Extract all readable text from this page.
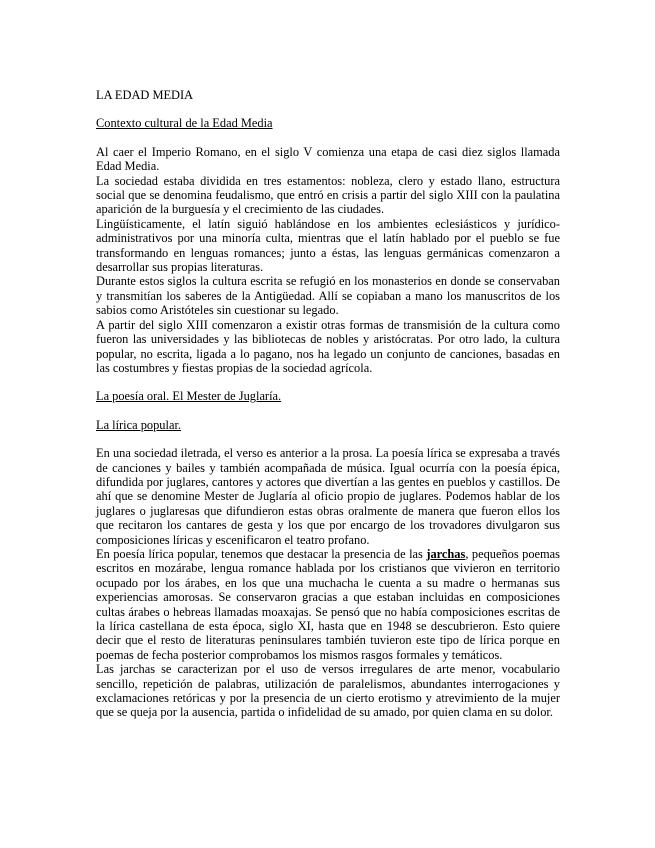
LA EDAD MEDIA
Contexto cultural de la Edad Media

Al caer el Imperio Romano, en el siglo V comienza una etapa de casi diez siglos llamada Edad Media.

La sociedad estaba dividida en tres estamentos: nobleza, clero y estado llano, estructura social que se denomina feudalismo, que entró en crisis a partir del siglo XIII con la paulatina aparición de la burguesía y el crecimiento de las ciudades.

Lingüísticamente, el latín siguió hablándose en los ambientes eclesiásticos y jurídico-administrativos por una minoría culta, mientras que el latín hablado por el pueblo se fue transformando en lenguas romances; junto a éstas, las lenguas germánicas comenzaron a desarrollar sus propias literaturas.

Durante estos siglos la cultura escrita se refugió en los monasterios en donde se conservaban y transmitían los saberes de la Antigüedad. Allí se copiaban a mano los manuscritos de los sabios como Aristóteles sin cuestionar su legado.

A partir del siglo XIII comenzaron a existir otras formas de transmisión de la cultura como fueron las universidades y las bibliotecas de nobles y aristócratas. Por otro lado, la cultura popular, no escrita, ligada a lo pagano, nos ha legado un conjunto de canciones, basadas en las costumbres y fiestas propias de la sociedad agrícola.

La poesía oral. El Mester de Juglaría.
La lírica popular.

En una sociedad iletrada, el verso es anterior a la prosa. La poesía lírica se expresaba a través de canciones y bailes y también acompañada de música. Igual ocurría con la poesía épica, difundida por juglares, cantores y actores que divertían a las gentes en pueblos y castillos. De ahí que se denomine Mester de Juglaría al oficio propio de juglares. Podemos hablar de los juglares o juglaresas que difundieron estas obras oralmente de manera que fueron ellos los que recitaron los cantares de gesta y los que por encargo de los trovadores divulgaron sus composiciones líricas y escenificaron el teatro profano.

En poesía lírica popular, tenemos que destacar la presencia de las jarchas, pequeños poemas escritos en mozárabe, lengua romance hablada por los cristianos que vivieron en territorio ocupado por los árabes, en los que una muchacha le cuenta a su madre o hermanas sus experiencias amorosas. Se conservaron gracias a que estaban incluidas en composiciones cultas árabes o hebreas llamadas moaxajas. Se pensó que no había composiciones escritas de la lírica castellana de esta época, siglo XI, hasta que en 1948 se descubrieron. Esto quiere decir que el resto de literaturas peninsulares también tuvieron este tipo de lírica porque en poemas de fecha posterior comprobamos los mismos rasgos formales y temáticos.

Las jarchas se caracterizan por el uso de versos irregulares de arte menor, vocabulario sencillo, repetición de palabras, utilización de paralelismos, abundantes interrogaciones y exclamaciones retóricas y por la presencia de un cierto erotismo y atrevimiento de la mujer que se queja por la ausencia, partida o infidelidad de su amado, por quien clama en su dolor.
